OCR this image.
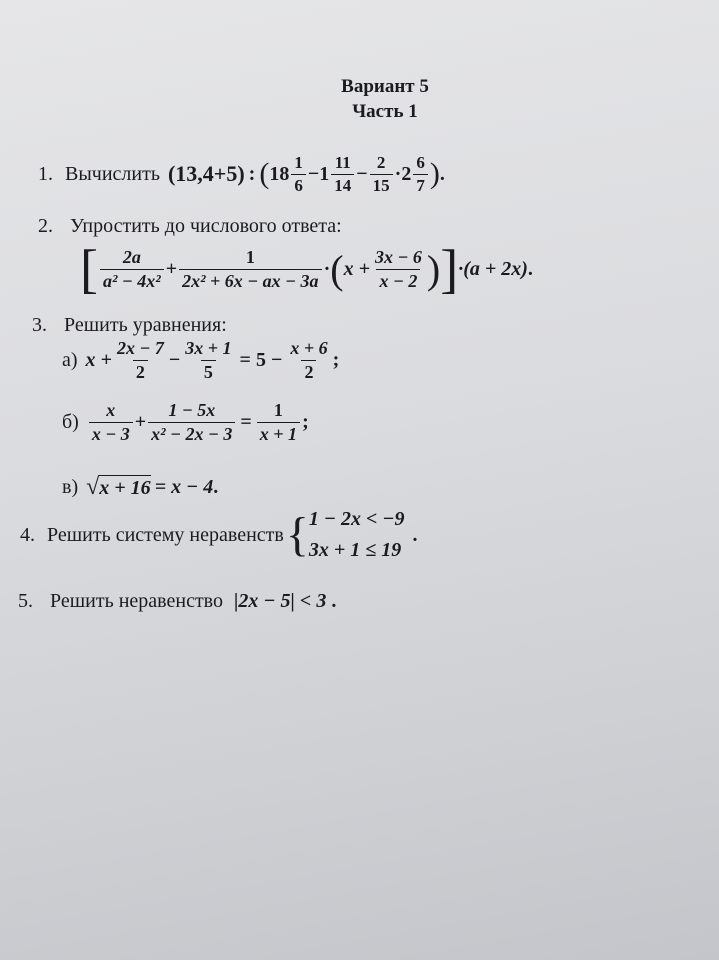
Вариант 5
Часть 1
1. Вычислить (13,4+5) : ( $18 \frac{1}{6} - 1 \frac{11}{14} - \frac{2}{15} \cdot 2 \frac{6}{7}$ ) .
2. Упростить до числового ответа:
[ $\frac{2a}{\text{a² − 4x²}} + \frac{1}{\text{2x² + 6x − ax − 3a}}$ · ( $x + \frac{3x - 6}{x - 2}$ ) ] ·(a + 2x) .
3. Решить уравнения:
а) $x + \frac{2x - 7}{2} - \frac{3x + 1}{5} = 5 - \frac{x + 6}{2}$ ;
$б) \frac{x}{x - 3} + \frac{1 - 5x}{\text{x² − 2x − 3}} = \frac{1}{x + 1}$ ;
в) √ x + 16 = x − 4 .
4. Решить систему неравенств { 1 − 2x < −9
3x + 1 ≤ 19
.
5. Решить неравенство |2x − 5| < 3 .
